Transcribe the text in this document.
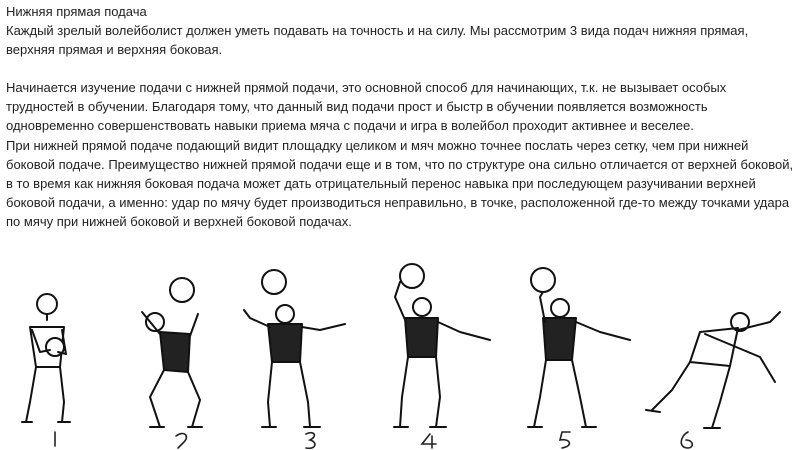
Нижняя прямая подача

Каждый зрелый волейболист должен уметь подавать на точность и на силу. Мы рассмотрим 3 вида подач нижняя прямая, верхняя прямая и верхняя боковая.

Начинается изучение подачи с нижней прямой подачи, это основной способ для начинающих, т.к. не вызывает особых трудностей в обучении. Благодаря тому, что данный вид подачи прост и быстр в обучении появляется возможность одновременно совершенствовать навыки приема мяча с подачи и игра в волейбол проходит активнее и веселее.

При нижней прямой подаче подающий видит площадку целиком и мяч можно точнее послать через сетку, чем при нижней боковой подаче. Преимущество нижней прямой подачи еще и в том, что по структуре она сильно отличается от верхней боковой, в то время как нижняя боковая подача может дать отрицательный перенос навыка при последующем разучивании верхней боковой подачи, а именно: удар по мячу будет производиться неправильно, в точке, расположенной где-то между точками удара по мячу при нижней боковой и верхней боковой подачах.
